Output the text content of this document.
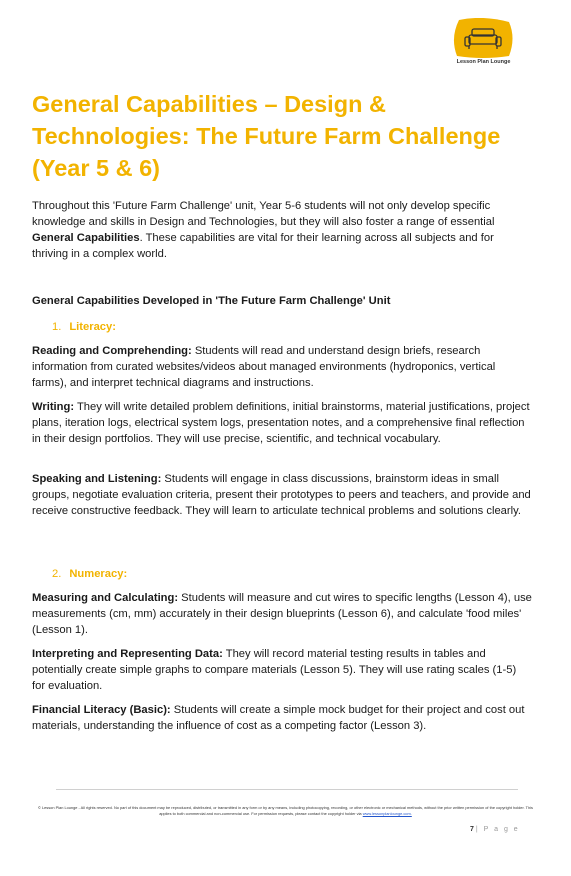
Lesson Plan Lounge
General Capabilities – Design & Technologies: The Future Farm Challenge (Year 5 & 6)

Throughout this 'Future Farm Challenge' unit, Year 5-6 students will not only develop specific knowledge and skills in Design and Technologies, but they will also foster a range of essential General Capabilities. These capabilities are vital for their learning across all subjects and for thriving in a complex world.

General Capabilities Developed in 'The Future Farm Challenge' Unit
1. Literacy:

Reading and Comprehending: Students will read and understand design briefs, research information from curated websites/videos about managed environments (hydroponics, vertical farms), and interpret technical diagrams and instructions.

Writing: They will write detailed problem definitions, initial brainstorms, material justifications, project plans, iteration logs, electrical system logs, presentation notes, and a comprehensive final reflection in their design portfolios. They will use precise, scientific, and technical vocabulary.

Speaking and Listening: Students will engage in class discussions, brainstorm ideas in small groups, negotiate evaluation criteria, present their prototypes to peers and teachers, and provide and receive constructive feedback. They will learn to articulate technical problems and solutions clearly.

2. Numeracy:

Measuring and Calculating: Students will measure and cut wires to specific lengths (Lesson 4), use measurements (cm, mm) accurately in their design blueprints (Lesson 6), and calculate 'food miles' (Lesson 1).

Interpreting and Representing Data: They will record material testing results in tables and potentially create simple graphs to compare materials (Lesson 5). They will use rating scales (1-5) for evaluation.

Financial Literacy (Basic): Students will create a simple mock budget for their project and cost out materials, understanding the influence of cost as a competing factor (Lesson 3).

© Lesson Plan Lounge - All rights reserved. No part of this document may be reproduced, distributed, or transmitted in any form or by any means, including photocopying, recording, or other electronic or mechanical methods, without the prior written permission of the copyright holder. This applies to both commercial and non-commercial use. For permission requests, please contact the copyright holder via www.lessonplanlounge.com.

7 | P a g e
